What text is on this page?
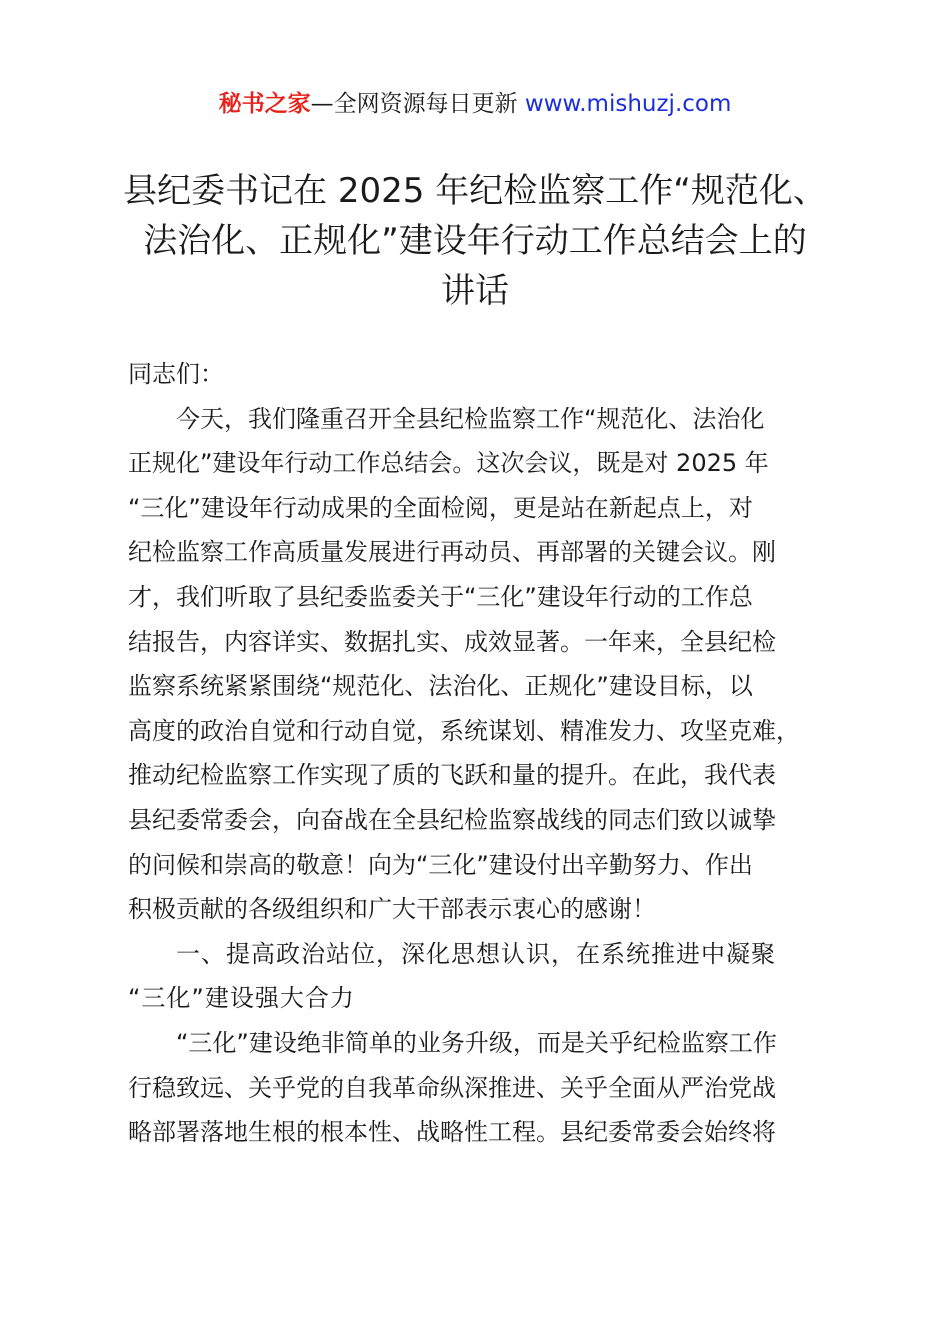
秘书之家—全网资源每日更新 www.mishuzj.com
县纪委书记在 2025 年纪检监察工作“规范化、
法治化、正规化”建设年行动工作总结会上的
讲话
同志们：
今天，我们隆重召开全县纪检监察工作“规范化、法治化
正规化”建设年行动工作总结会。这次会议，既是对 2025 年
“三化”建设年行动成果的全面检阅，更是站在新起点上，对
纪检监察工作高质量发展进行再动员、再部署的关键会议。刚
才，我们听取了县纪委监委关于“三化”建设年行动的工作总
结报告，内容详实、数据扎实、成效显著。一年来，全县纪检
监察系统紧紧围绕“规范化、法治化、正规化”建设目标，以
高度的政治自觉和行动自觉，系统谋划、精准发力、攻坚克难，
推动纪检监察工作实现了质的飞跃和量的提升。在此，我代表
县纪委常委会，向奋战在全县纪检监察战线的同志们致以诚挚
的问候和崇高的敬意！向为“三化”建设付出辛勤努力、作出
积极贡献的各级组织和广大干部表示衷心的感谢！
一、提高政治站位，深化思想认识，在系统推进中凝聚
“三化”建设强大合力
“三化”建设绝非简单的业务升级，而是关乎纪检监察工作
行稳致远、关乎党的自我革命纵深推进、关乎全面从严治党战
略部署落地生根的根本性、战略性工程。县纪委常委会始终将
